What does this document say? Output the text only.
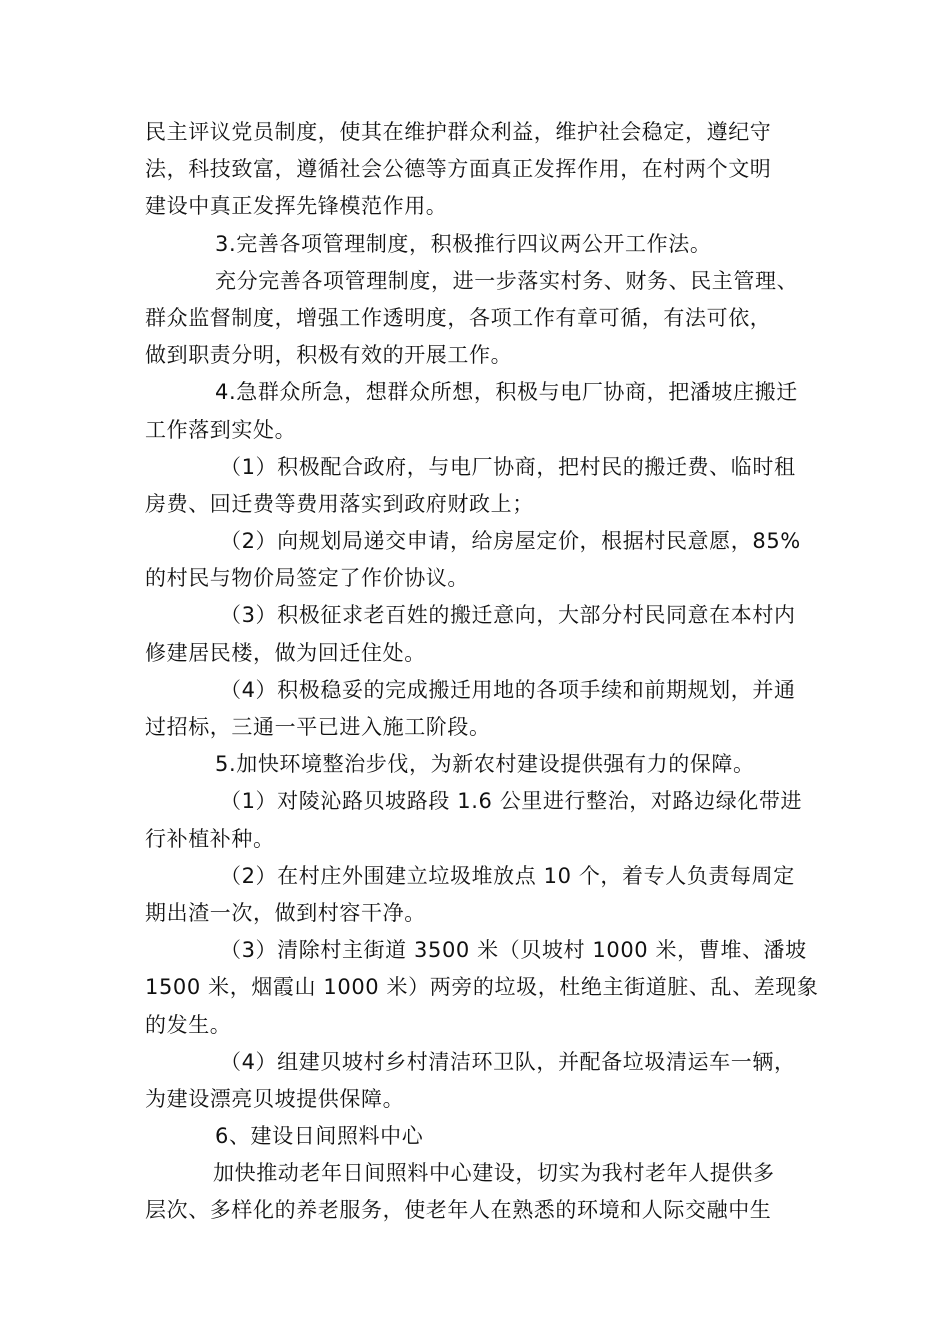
民主评议党员制度，使其在维护群众利益，维护社会稳定，遵纪守
法，科技致富，遵循社会公德等方面真正发挥作用，在村两个文明
建设中真正发挥先锋模范作用。
3.完善各项管理制度，积极推行四议两公开工作法。
充分完善各项管理制度，进一步落实村务、财务、民主管理、
群众监督制度，增强工作透明度，各项工作有章可循，有法可依，
做到职责分明，积极有效的开展工作。
4.急群众所急，想群众所想，积极与电厂协商，把潘坡庄搬迁
工作落到实处。
（1）积极配合政府，与电厂协商，把村民的搬迁费、临时租
房费、回迁费等费用落实到政府财政上；
（2）向规划局递交申请，给房屋定价，根据村民意愿，85%
的村民与物价局签定了作价协议。
（3）积极征求老百姓的搬迁意向，大部分村民同意在本村内
修建居民楼，做为回迁住处。
（4）积极稳妥的完成搬迁用地的各项手续和前期规划，并通
过招标，三通一平已进入施工阶段。
5.加快环境整治步伐，为新农村建设提供强有力的保障。
（1）对陵沁路贝坡路段 1.6 公里进行整治，对路边绿化带进
行补植补种。
（2）在村庄外围建立垃圾堆放点 10 个，着专人负责每周定
期出渣一次，做到村容干净。
（3）清除村主街道 3500 米（贝坡村 1000 米，曹堆、潘坡
1500 米，烟霞山 1000 米）两旁的垃圾，杜绝主街道脏、乱、差现象
的发生。
（4）组建贝坡村乡村清洁环卫队，并配备垃圾清运车一辆，
为建设漂亮贝坡提供保障。
6、建设日间照料中心
加快推动老年日间照料中心建设，切实为我村老年人提供多
层次、多样化的养老服务，使老年人在熟悉的环境和人际交融中生
